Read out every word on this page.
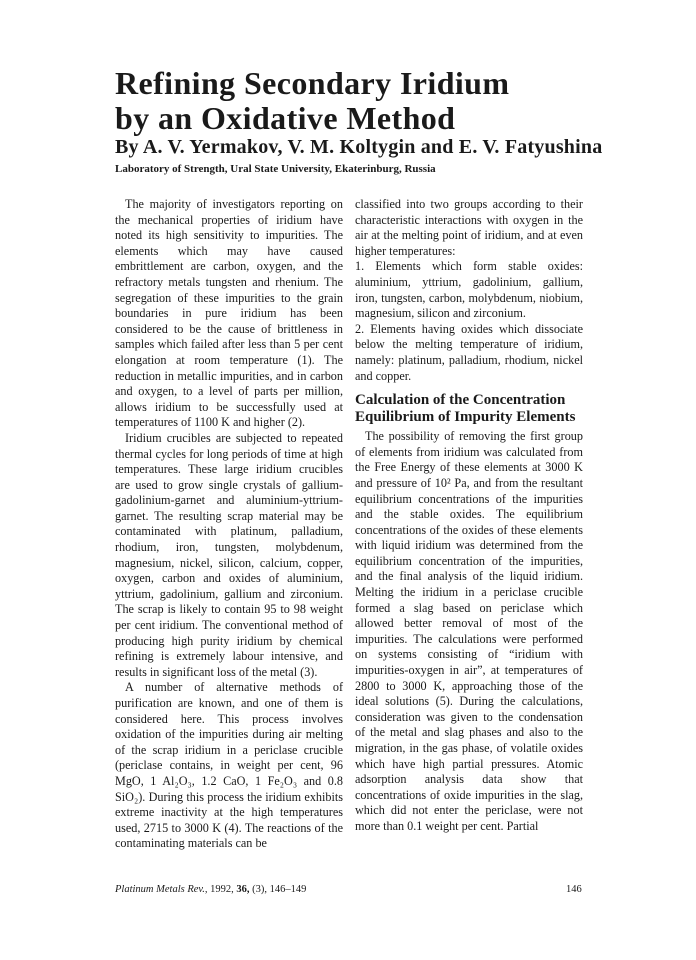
Refining Secondary Iridium
by an Oxidative Method
By A. V. Yermakov, V. M. Koltygin and E. V. Fatyushina
Laboratory of Strength, Ural State University, Ekaterinburg, Russia

The majority of investigators reporting on the mechanical properties of iridium have noted its high sensitivity to impurities. The elements which may have caused embrittlement are carbon, oxygen, and the refractory metals tungsten and rhenium. The segregation of these impurities to the grain boundaries in pure iridium has been considered to be the cause of brittleness in samples which failed after less than 5 per cent elongation at room temperature (1). The reduction in metallic impurities, and in carbon and oxygen, to a level of parts per million, allows iridium to be successfully used at temperatures of 1100 K and higher (2).

Iridium crucibles are subjected to repeated thermal cycles for long periods of time at high temperatures. These large iridium crucibles are used to grow single crystals of gallium-gadolinium-garnet and aluminium-yttrium-garnet. The resulting scrap material may be contaminated with platinum, palladium, rhodium, iron, tungsten, molybdenum, magnesium, nickel, silicon, calcium, copper, oxygen, carbon and oxides of aluminium, yttrium, gadolinium, gallium and zirconium. The scrap is likely to contain 95 to 98 weight per cent iridium. The conventional method of producing high purity iridium by chemical refining is extremely labour intensive, and results in significant loss of the metal (3).

A number of alternative methods of purification are known, and one of them is considered here. This process involves oxidation of the impurities during air melting of the scrap iridium in a periclase crucible (periclase contains, in weight per cent, 96 MgO, 1 Al₂O₃, 1.2 CaO, 1 Fe₂O₃ and 0.8 SiO₂). During this process the iridium exhibits extreme inactivity at the high temperatures used, 2715 to 3000 K (4). The reactions of the contaminating materials can be

classified into two groups according to their characteristic interactions with oxygen in the air at the melting point of iridium, and at even higher temperatures:

1. Elements which form stable oxides: aluminium, yttrium, gadolinium, gallium, iron, tungsten, carbon, molybdenum, niobium, magnesium, silicon and zirconium.

2. Elements having oxides which dissociate below the melting temperature of iridium, namely: platinum, palladium, rhodium, nickel and copper.

Calculation of the Concentration Equilibrium of Impurity Elements

The possibility of removing the first group of elements from iridium was calculated from the Free Energy of these elements at 3000 K and pressure of 10² Pa, and from the resultant equilibrium concentrations of the impurities and the stable oxides. The equilibrium concentrations of the oxides of these elements with liquid iridium was determined from the equilibrium concentration of the impurities, and the final analysis of the liquid iridium. Melting the iridium in a periclase crucible formed a slag based on periclase which allowed better removal of most of the impurities. The calculations were performed on systems consisting of “iridium with impurities-oxygen in air”, at temperatures of 2800 to 3000 K, approaching those of the ideal solutions (5). During the calculations, consideration was given to the condensation of the metal and slag phases and also to the migration, in the gas phase, of volatile oxides which have high partial pressures. Atomic adsorption analysis data show that concentrations of oxide impurities in the slag, which did not enter the periclase, were not more than 0.1 weight per cent. Partial

Platinum Metals Rev., 1992, 36, (3), 146–149	146
